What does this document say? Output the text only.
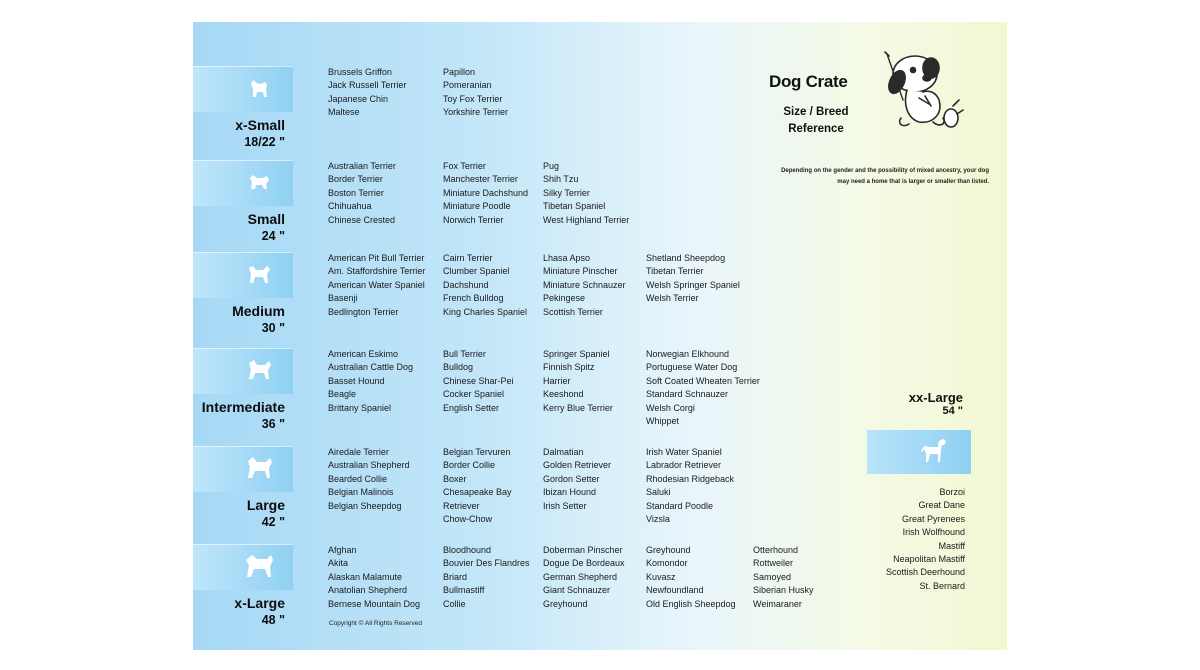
Dog Crate
Size / Breed Reference
Depending on the gender and the possibility of mixed ancestry, your dog may need a home that is larger or smaller than listed.
x-Small
18/22 "
Brussels Griffon
Jack Russell Terrier
Japanese Chin
Maltese
Papillon
Pomeranian
Toy Fox Terrier
Yorkshire Terrier
Small
24 "
Australian Terrier
Border Terrier
Boston Terrier
Chihuahua
Chinese Crested
Fox Terrier
Manchester Terrier
Miniature Dachshund
Miniature Poodle
Norwich Terrier
Pug
Shih Tzu
Silky Terrier
Tibetan Spaniel
West Highland Terrier
Medium
30 "
American Pit Bull Terrier
Am. Staffordshire Terrier
American Water Spaniel
Basenji
Bedlington Terrier
Cairn Terrier
Clumber Spaniel
Dachshund
French Bulldog
King Charles Spaniel
Lhasa Apso
Miniature Pinscher
Miniature Schnauzer
Pekingese
Scottish Terrier
Shetland Sheepdog
Tibetan Terrier
Welsh Springer Spaniel
Welsh Terrier
Intermediate
36 "
American Eskimo
Australian Cattle Dog
Basset Hound
Beagle
Brittany Spaniel
Bull Terrier
Bulldog
Chinese Shar-Pei
Cocker Spaniel
English Setter
Springer Spaniel
Finnish Spitz
Harrier
Keeshond
Kerry Blue Terrier
Norwegian Elkhound
Portuguese Water Dog
Soft Coated Wheaten Terrier
Standard Schnauzer
Welsh Corgi
Whippet
Large
42 "
Airedale Terrier
Australian Shepherd
Bearded Collie
Belgian Malinois
Belgian Sheepdog
Belgian Tervuren
Border Collie
Boxer
Chesapeake Bay
Retriever
Chow-Chow
Dalmatian
Golden Retriever
Gordon Setter
Ibizan Hound
Irish Setter
Irish Water Spaniel
Labrador Retriever
Rhodesian Ridgeback
Saluki
Standard Poodle
Vizsla
x-Large
48 "
Afghan
Akita
Alaskan Malamute
Anatolian Shepherd
Bernese Mountain Dog
Bloodhound
Bouvier Des Flandres
Briard
Bullmastiff
Collie
Doberman Pinscher
Dogue De Bordeaux
German Shepherd
Giant Schnauzer
Greyhound
Greyhound
Komondor
Kuvasz
Newfoundland
Old English Sheepdog
Otterhound
Rottweiler
Samoyed
Siberian Husky
Weimaraner
xx-Large
54 "
Borzoi
Great Dane
Great Pyrenees
Irish Wolfhound
Mastiff
Neapolitan Mastiff
Scottish Deerhound
St. Bernard
Copyright © All Rights Reserved
